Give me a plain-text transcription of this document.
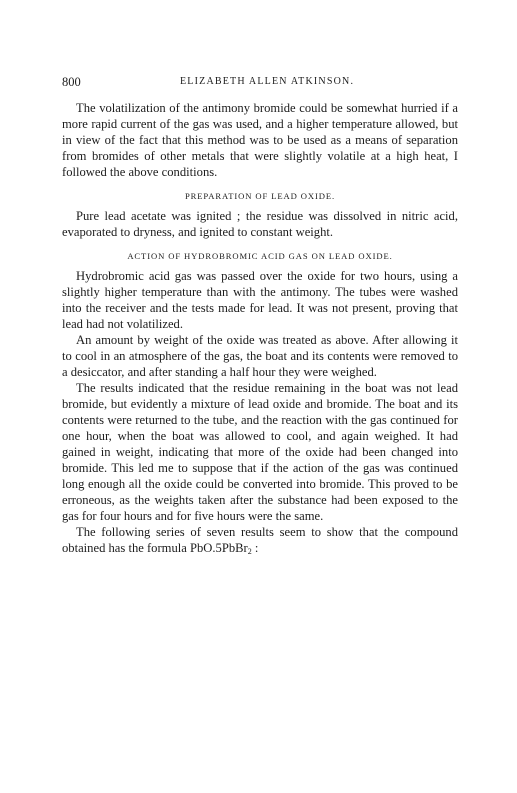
800	ELIZABETH ALLEN ATKINSON.

The volatilization of the antimony bromide could be somewhat hurried if a more rapid current of the gas was used, and a higher temperature allowed, but in view of the fact that this method was to be used as a means of separation from bromides of other metals that were slightly volatile at a high heat, I followed the above conditions.

PREPARATION OF LEAD OXIDE.

Pure lead acetate was ignited ; the residue was dissolved in nitric acid, evaporated to dryness, and ignited to constant weight.

ACTION OF HYDROBROMIC ACID GAS ON LEAD OXIDE.

Hydrobromic acid gas was passed over the oxide for two hours, using a slightly higher temperature than with the antimony. The tubes were washed into the receiver and the tests made for lead. It was not present, proving that lead had not volatilized.

An amount by weight of the oxide was treated as above. After allowing it to cool in an atmosphere of the gas, the boat and its contents were removed to a desiccator, and after standing a half hour they were weighed.

The results indicated that the residue remaining in the boat was not lead bromide, but evidently a mixture of lead oxide and bromide. The boat and its contents were returned to the tube, and the reaction with the gas continued for one hour, when the boat was allowed to cool, and again weighed. It had gained in weight, indicating that more of the oxide had been changed into bromide. This led me to suppose that if the action of the gas was continued long enough all the oxide could be converted into bromide. This proved to be erroneous, as the weights taken after the substance had been exposed to the gas for four hours and for five hours were the same.

The following series of seven results seem to show that the compound obtained has the formula PbO.5PbBr$_2$ :
